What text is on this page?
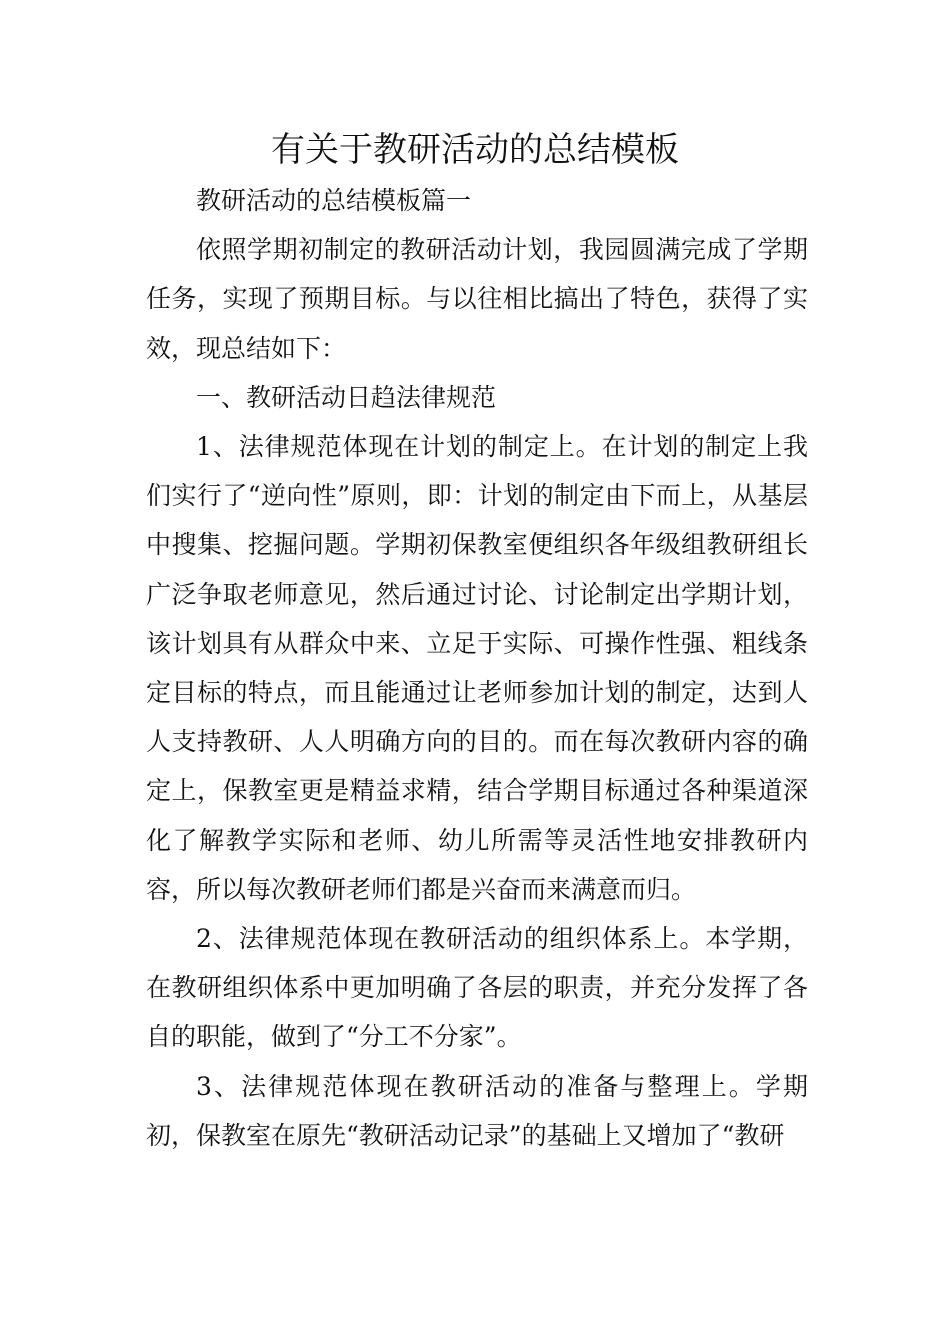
有关于教研活动的总结模板

教研活动的总结模板篇一

依照学期初制定的教研活动计划，我园圆满完成了学期任务，实现了预期目标。与以往相比搞出了特色，获得了实效，现总结如下：

一、教研活动日趋法律规范

1、法律规范体现在计划的制定上。在计划的制定上我们实行了“逆向性”原则，即：计划的制定由下而上，从基层中搜集、挖掘问题。学期初保教室便组织各年级组教研组长广泛争取老师意见，然后通过讨论、讨论制定出学期计划，该计划具有从群众中来、立足于实际、可操作性强、粗线条定目标的特点，而且能通过让老师参加计划的制定，达到人人支持教研、人人明确方向的目的。而在每次教研内容的确定上，保教室更是精益求精，结合学期目标通过各种渠道深化了解教学实际和老师、幼儿所需等灵活性地安排教研内容，所以每次教研老师们都是兴奋而来满意而归。

2、法律规范体现在教研活动的组织体系上。本学期，在教研组织体系中更加明确了各层的职责，并充分发挥了各自的职能，做到了“分工不分家”。

3、法律规范体现在教研活动的准备与整理上。学期初，保教室在原先“教研活动记录”的基础上又增加了“教研
